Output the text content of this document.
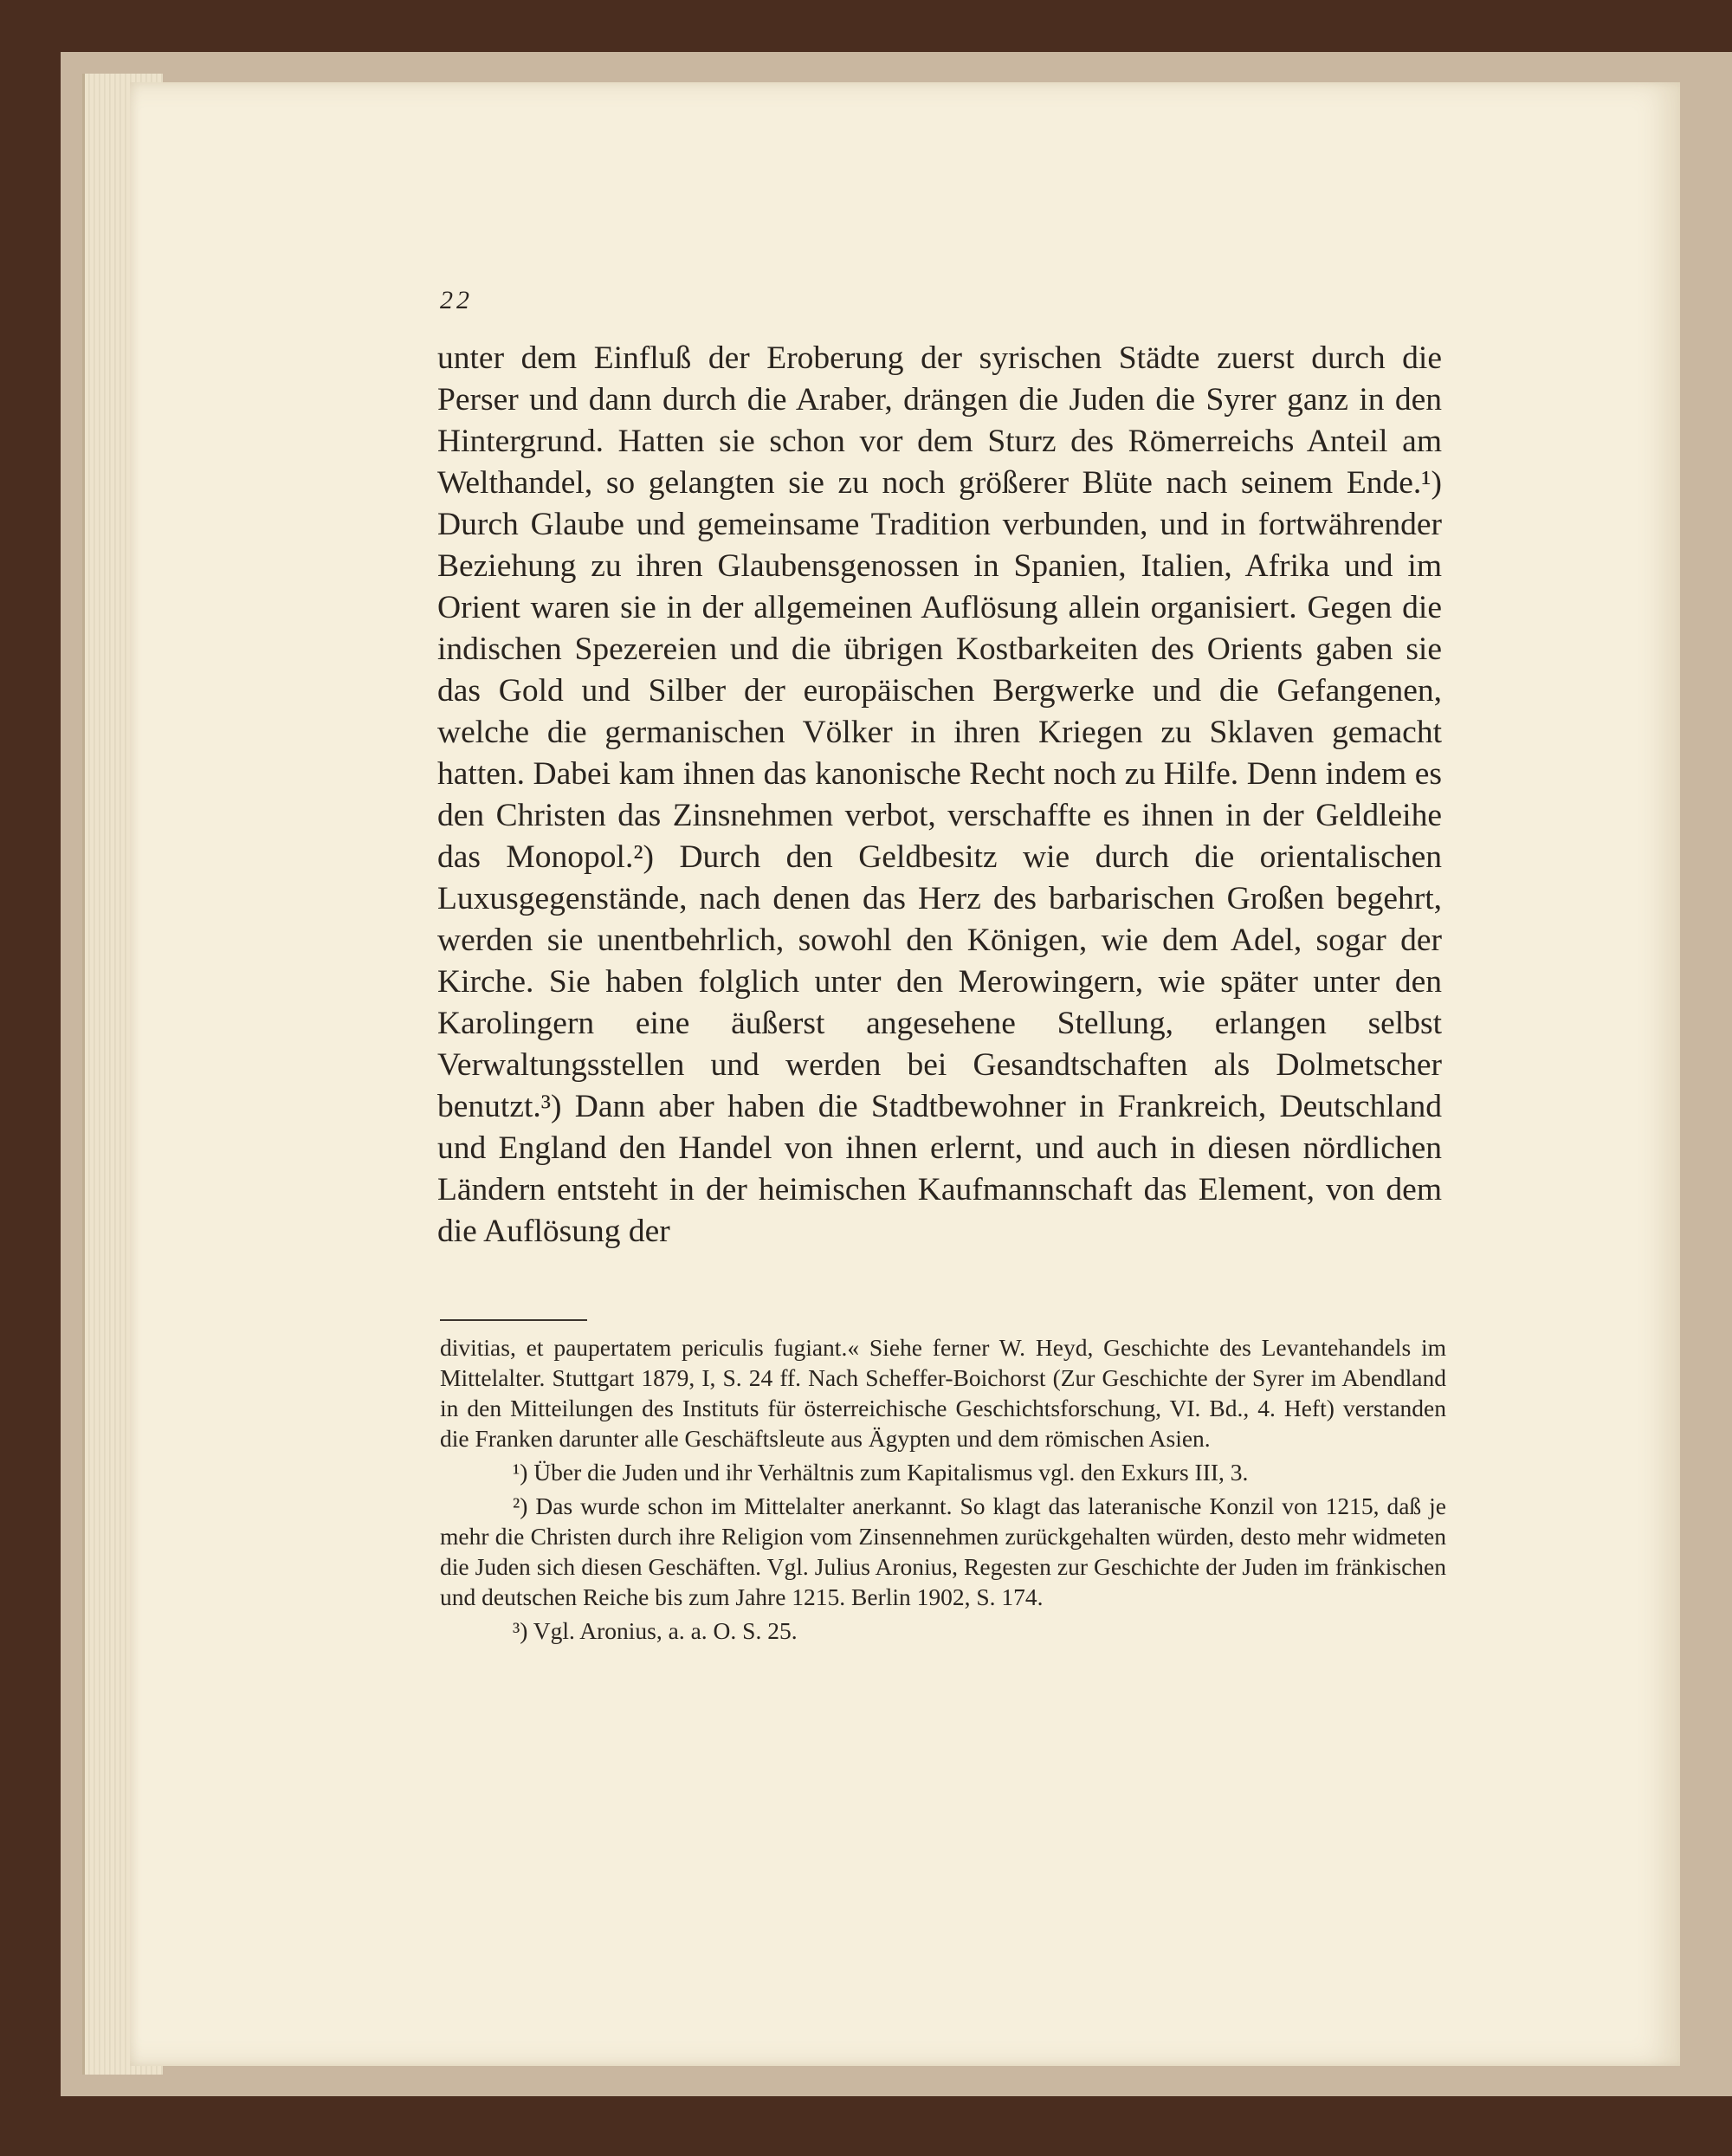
22

unter dem Einfluß der Eroberung der syrischen Städte zuerst durch die Perser und dann durch die Araber, drängen die Juden die Syrer ganz in den Hintergrund. Hatten sie schon vor dem Sturz des Römerreichs Anteil am Welthandel, so gelangten sie zu noch größerer Blüte nach seinem Ende.¹) Durch Glaube und gemeinsame Tradition verbunden, und in fortwährender Beziehung zu ihren Glaubensgenossen in Spanien, Italien, Afrika und im Orient waren sie in der allgemeinen Auflösung allein organisiert. Gegen die indischen Spezereien und die übrigen Kostbarkeiten des Orients gaben sie das Gold und Silber der europäischen Bergwerke und die Gefangenen, welche die germanischen Völker in ihren Kriegen zu Sklaven gemacht hatten. Dabei kam ihnen das kanonische Recht noch zu Hilfe. Denn indem es den Christen das Zinsnehmen verbot, verschaffte es ihnen in der Geldleihe das Monopol.²) Durch den Geldbesitz wie durch die orientalischen Luxusgegenstände, nach denen das Herz des barbarischen Großen begehrt, werden sie unentbehrlich, sowohl den Königen, wie dem Adel, sogar der Kirche. Sie haben folglich unter den Merowingern, wie später unter den Karolingern eine äußerst angesehene Stellung, erlangen selbst Verwaltungsstellen und werden bei Gesandtschaften als Dolmetscher benutzt.³) Dann aber haben die Stadtbewohner in Frankreich, Deutschland und England den Handel von ihnen erlernt, und auch in diesen nördlichen Ländern entsteht in der heimischen Kaufmannschaft das Element, von dem die Auflösung der

divitias, et paupertatem periculis fugiant.« Siehe ferner W. Heyd, Geschichte des Levantehandels im Mittelalter. Stuttgart 1879, I, S. 24 ff. Nach Scheffer-Boichorst (Zur Geschichte der Syrer im Abendland in den Mitteilungen des Instituts für österreichische Geschichtsforschung, VI. Bd., 4. Heft) verstanden die Franken darunter alle Geschäftsleute aus Ägypten und dem römischen Asien.

¹) Über die Juden und ihr Verhältnis zum Kapitalismus vgl. den Exkurs III, 3.

²) Das wurde schon im Mittelalter anerkannt. So klagt das lateranische Konzil von 1215, daß je mehr die Christen durch ihre Religion vom Zinsennehmen zurückgehalten würden, desto mehr widmeten die Juden sich diesen Geschäften. Vgl. Julius Aronius, Regesten zur Geschichte der Juden im fränkischen und deutschen Reiche bis zum Jahre 1215. Berlin 1902, S. 174.

³) Vgl. Aronius, a. a. O. S. 25.
